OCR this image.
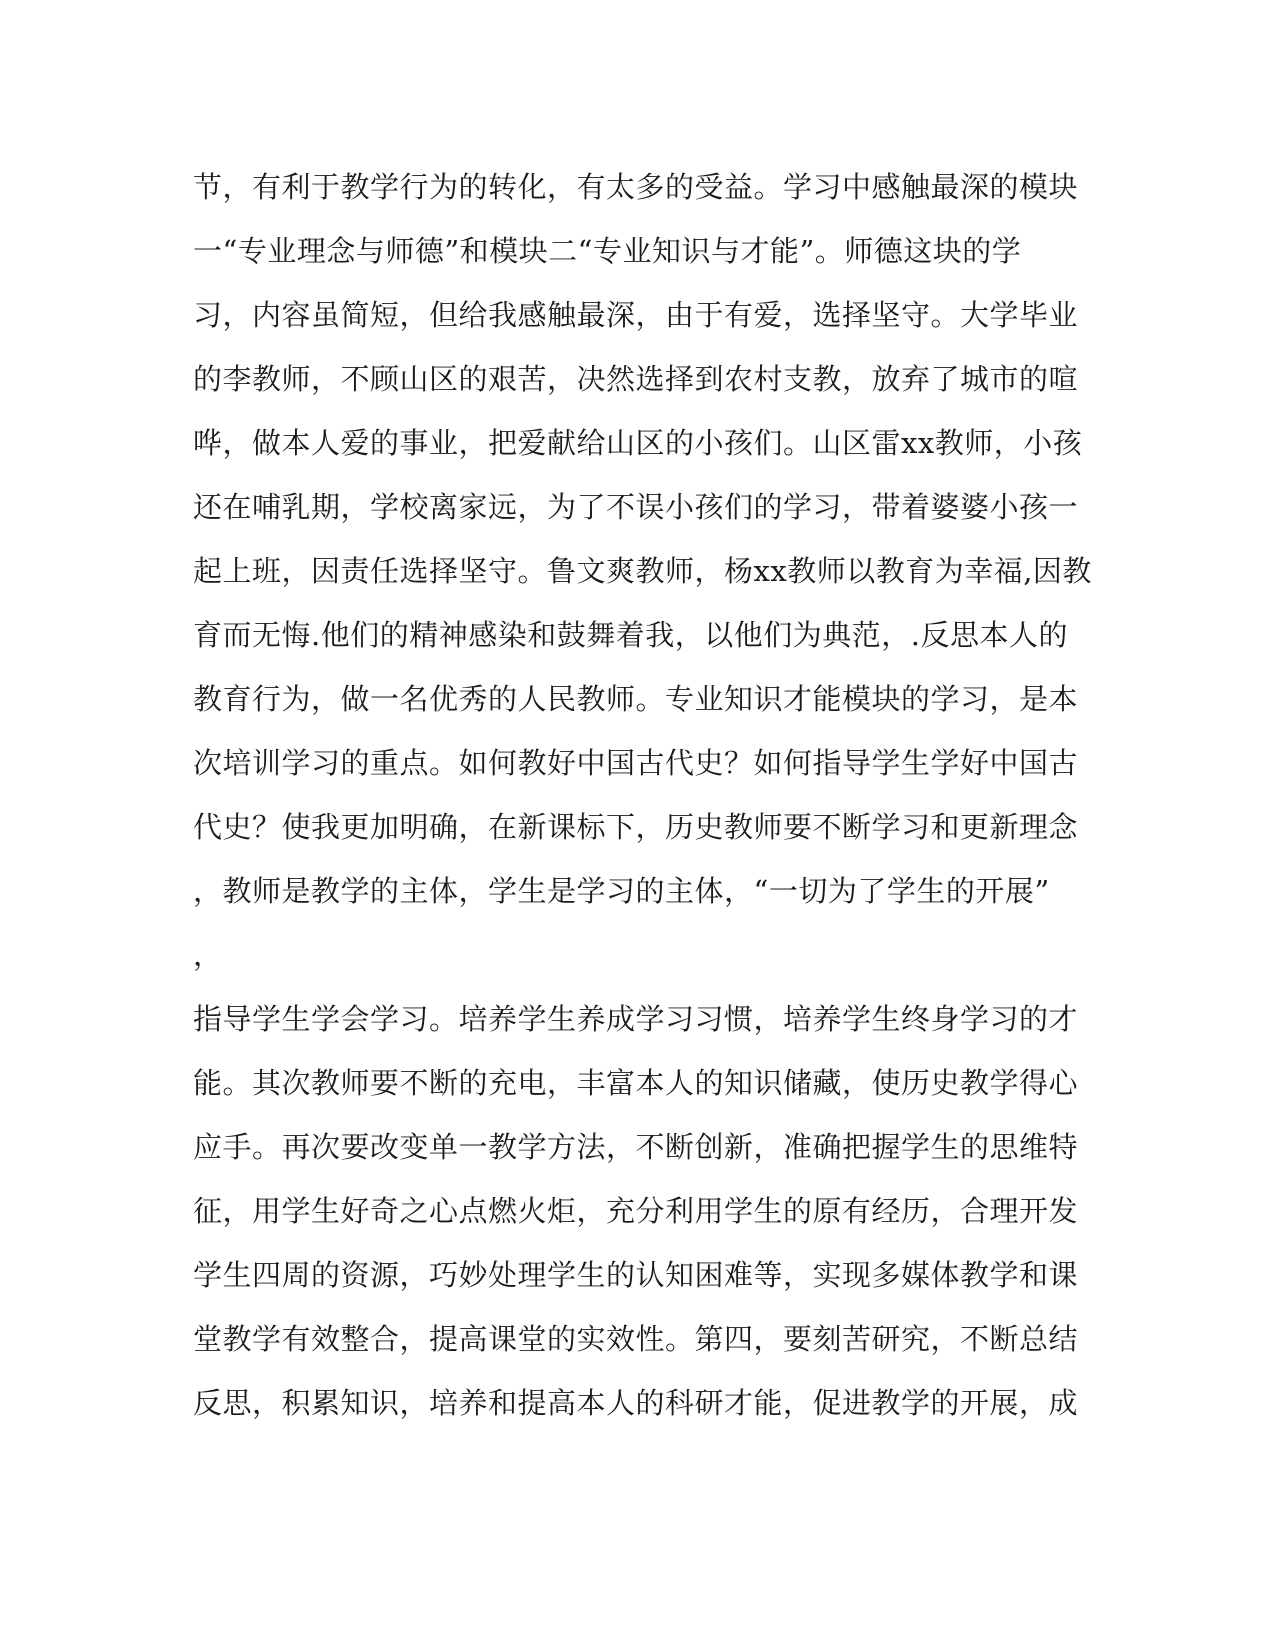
节，有利于教学行为的转化，有太多的受益。学习中感触最深的模块
一“专业理念与师德”和模块二“专业知识与才能”。师德这块的学
习，内容虽简短，但给我感触最深，由于有爱，选择坚守。大学毕业
的李教师，不顾山区的艰苦，决然选择到农村支教，放弃了城市的喧
哗，做本人爱的事业，把爱献给山区的小孩们。山区雷xx教师，小孩
还在哺乳期，学校离家远，为了不误小孩们的学习，带着婆婆小孩一
起上班，因责任选择坚守。鲁文爽教师，杨xx教师以教育为幸福,因教
育而无悔.他们的精神感染和鼓舞着我，以他们为典范，.反思本人的
教育行为，做一名优秀的人民教师。专业知识才能模块的学习，是本
次培训学习的重点。如何教好中国古代史？如何指导学生学好中国古
代史？使我更加明确，在新课标下，历史教师要不断学习和更新理念
，教师是教学的主体，学生是学习的主体，“一切为了学生的开展”
，
指导学生学会学习。培养学生养成学习习惯，培养学生终身学习的才
能。其次教师要不断的充电，丰富本人的知识储藏，使历史教学得心
应手。再次要改变单一教学方法，不断创新，准确把握学生的思维特
征，用学生好奇之心点燃火炬，充分利用学生的原有经历，合理开发
学生四周的资源，巧妙处理学生的认知困难等，实现多媒体教学和课
堂教学有效整合，提高课堂的实效性。第四，要刻苦研究，不断总结
反思，积累知识，培养和提高本人的科研才能，促进教学的开展，成
